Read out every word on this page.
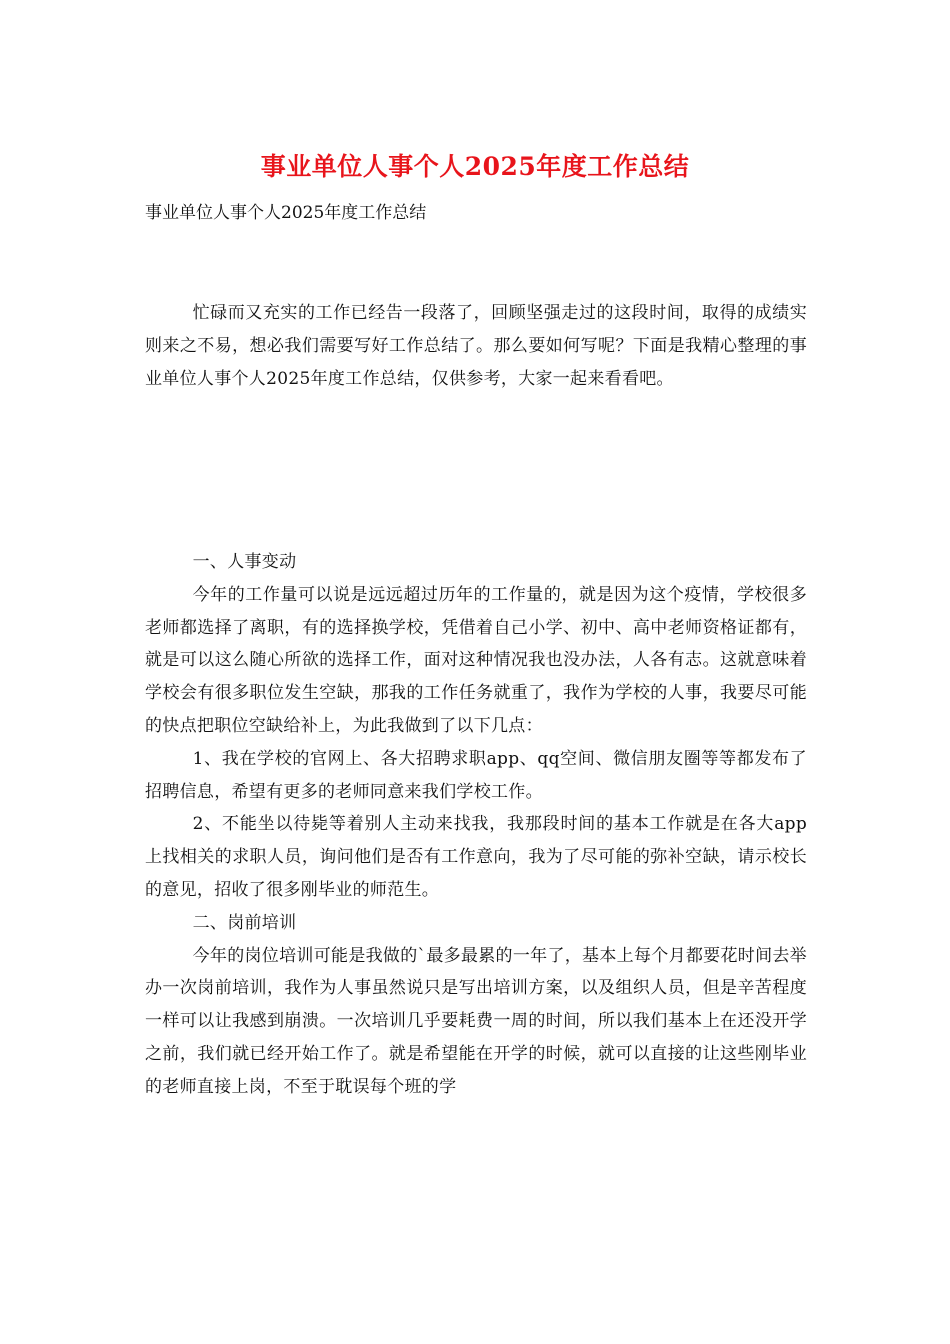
事业单位人事个人2025年度工作总结
事业单位人事个人2025年度工作总结

忙碌而又充实的工作已经告一段落了，回顾坚强走过的这段时间，取得的成绩实则来之不易，想必我们需要写好工作总结了。那么要如何写呢？下面是我精心整理的事业单位人事个人2025年度工作总结，仅供参考，大家一起来看看吧。

一、人事变动

今年的工作量可以说是远远超过历年的工作量的，就是因为这个疫情，学校很多老师都选择了离职，有的选择换学校，凭借着自己小学、初中、高中老师资格证都有，就是可以这么随心所欲的选择工作，面对这种情况我也没办法，人各有志。这就意味着学校会有很多职位发生空缺，那我的工作任务就重了，我作为学校的人事，我要尽可能的快点把职位空缺给补上，为此我做到了以下几点：

1、我在学校的官网上、各大招聘求职app、qq空间、微信朋友圈等等都发布了招聘信息，希望有更多的老师同意来我们学校工作。

2、不能坐以待毙等着别人主动来找我，我那段时间的基本工作就是在各大app上找相关的求职人员，询问他们是否有工作意向，我为了尽可能的弥补空缺，请示校长的意见，招收了很多刚毕业的师范生。

二、岗前培训

今年的岗位培训可能是我做的`最多最累的一年了，基本上每个月都要花时间去举办一次岗前培训，我作为人事虽然说只是写出培训方案，以及组织人员，但是辛苦程度一样可以让我感到崩溃。一次培训几乎要耗费一周的时间，所以我们基本上在还没开学之前，我们就已经开始工作了。就是希望能在开学的时候，就可以直接的让这些刚毕业的老师直接上岗，不至于耽误每个班的学
